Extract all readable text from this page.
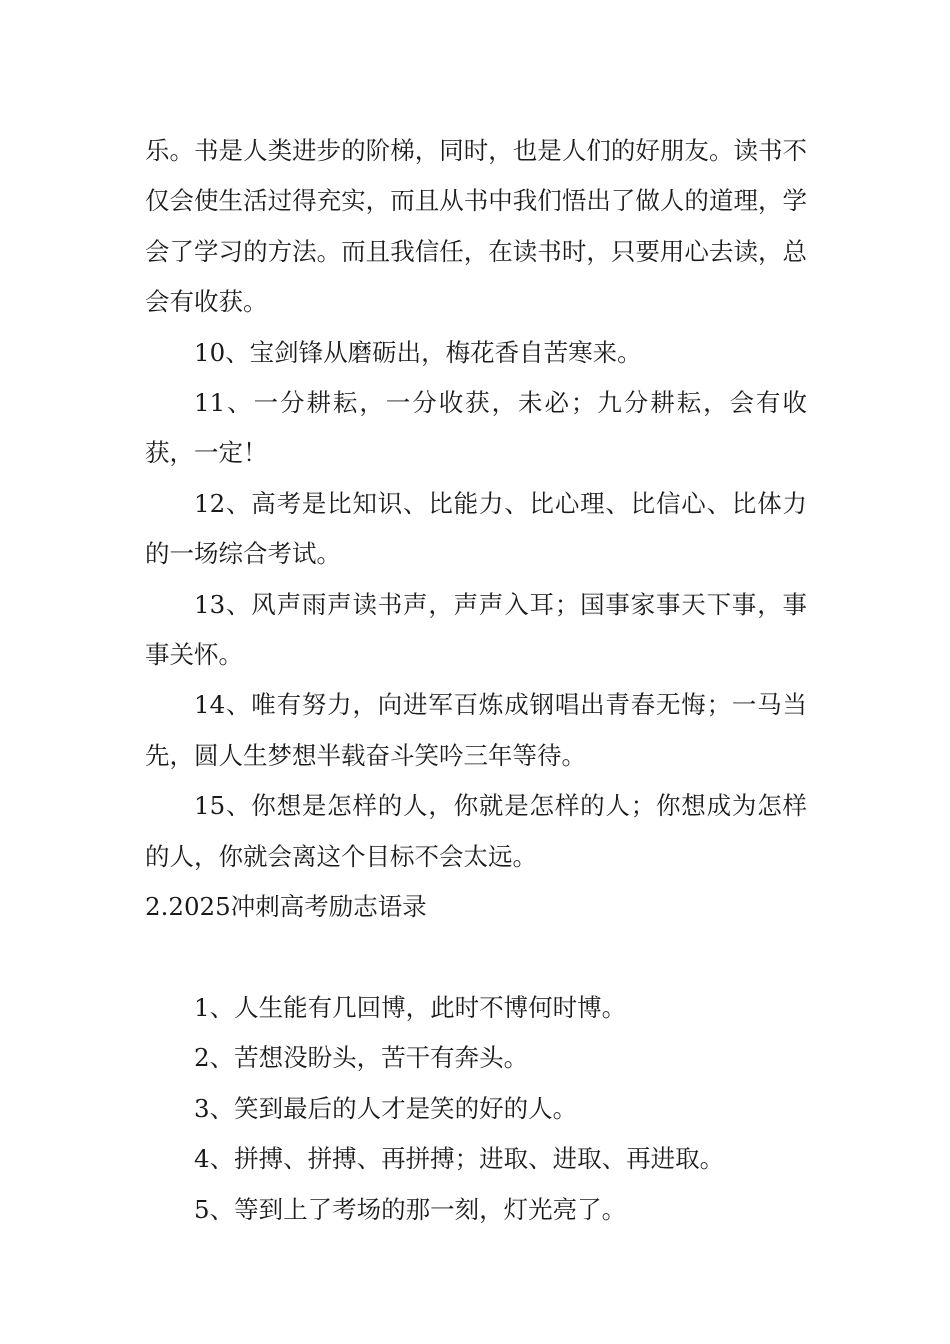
乐。书是人类进步的阶梯，同时，也是人们的好朋友。读书不仅会使生活过得充实，而且从书中我们悟出了做人的道理，学会了学习的方法。而且我信任，在读书时，只要用心去读，总会有收获。

10、宝剑锋从磨砺出，梅花香自苦寒来。

11、一分耕耘，一分收获，未必；九分耕耘，会有收获，一定！

12、高考是比知识、比能力、比心理、比信心、比体力的一场综合考试。

13、风声雨声读书声，声声入耳；国事家事天下事，事事关怀。

14、唯有努力，向进军百炼成钢唱出青春无悔；一马当先，圆人生梦想半载奋斗笑吟三年等待。

15、你想是怎样的人，你就是怎样的人；你想成为怎样的人，你就会离这个目标不会太远。

2.2025冲刺高考励志语录

1、人生能有几回博，此时不博何时博。

2、苦想没盼头，苦干有奔头。

3、笑到最后的人才是笑的好的人。

4、拼搏、拼搏、再拼搏；进取、进取、再进取。

5、等到上了考场的那一刻，灯光亮了。
